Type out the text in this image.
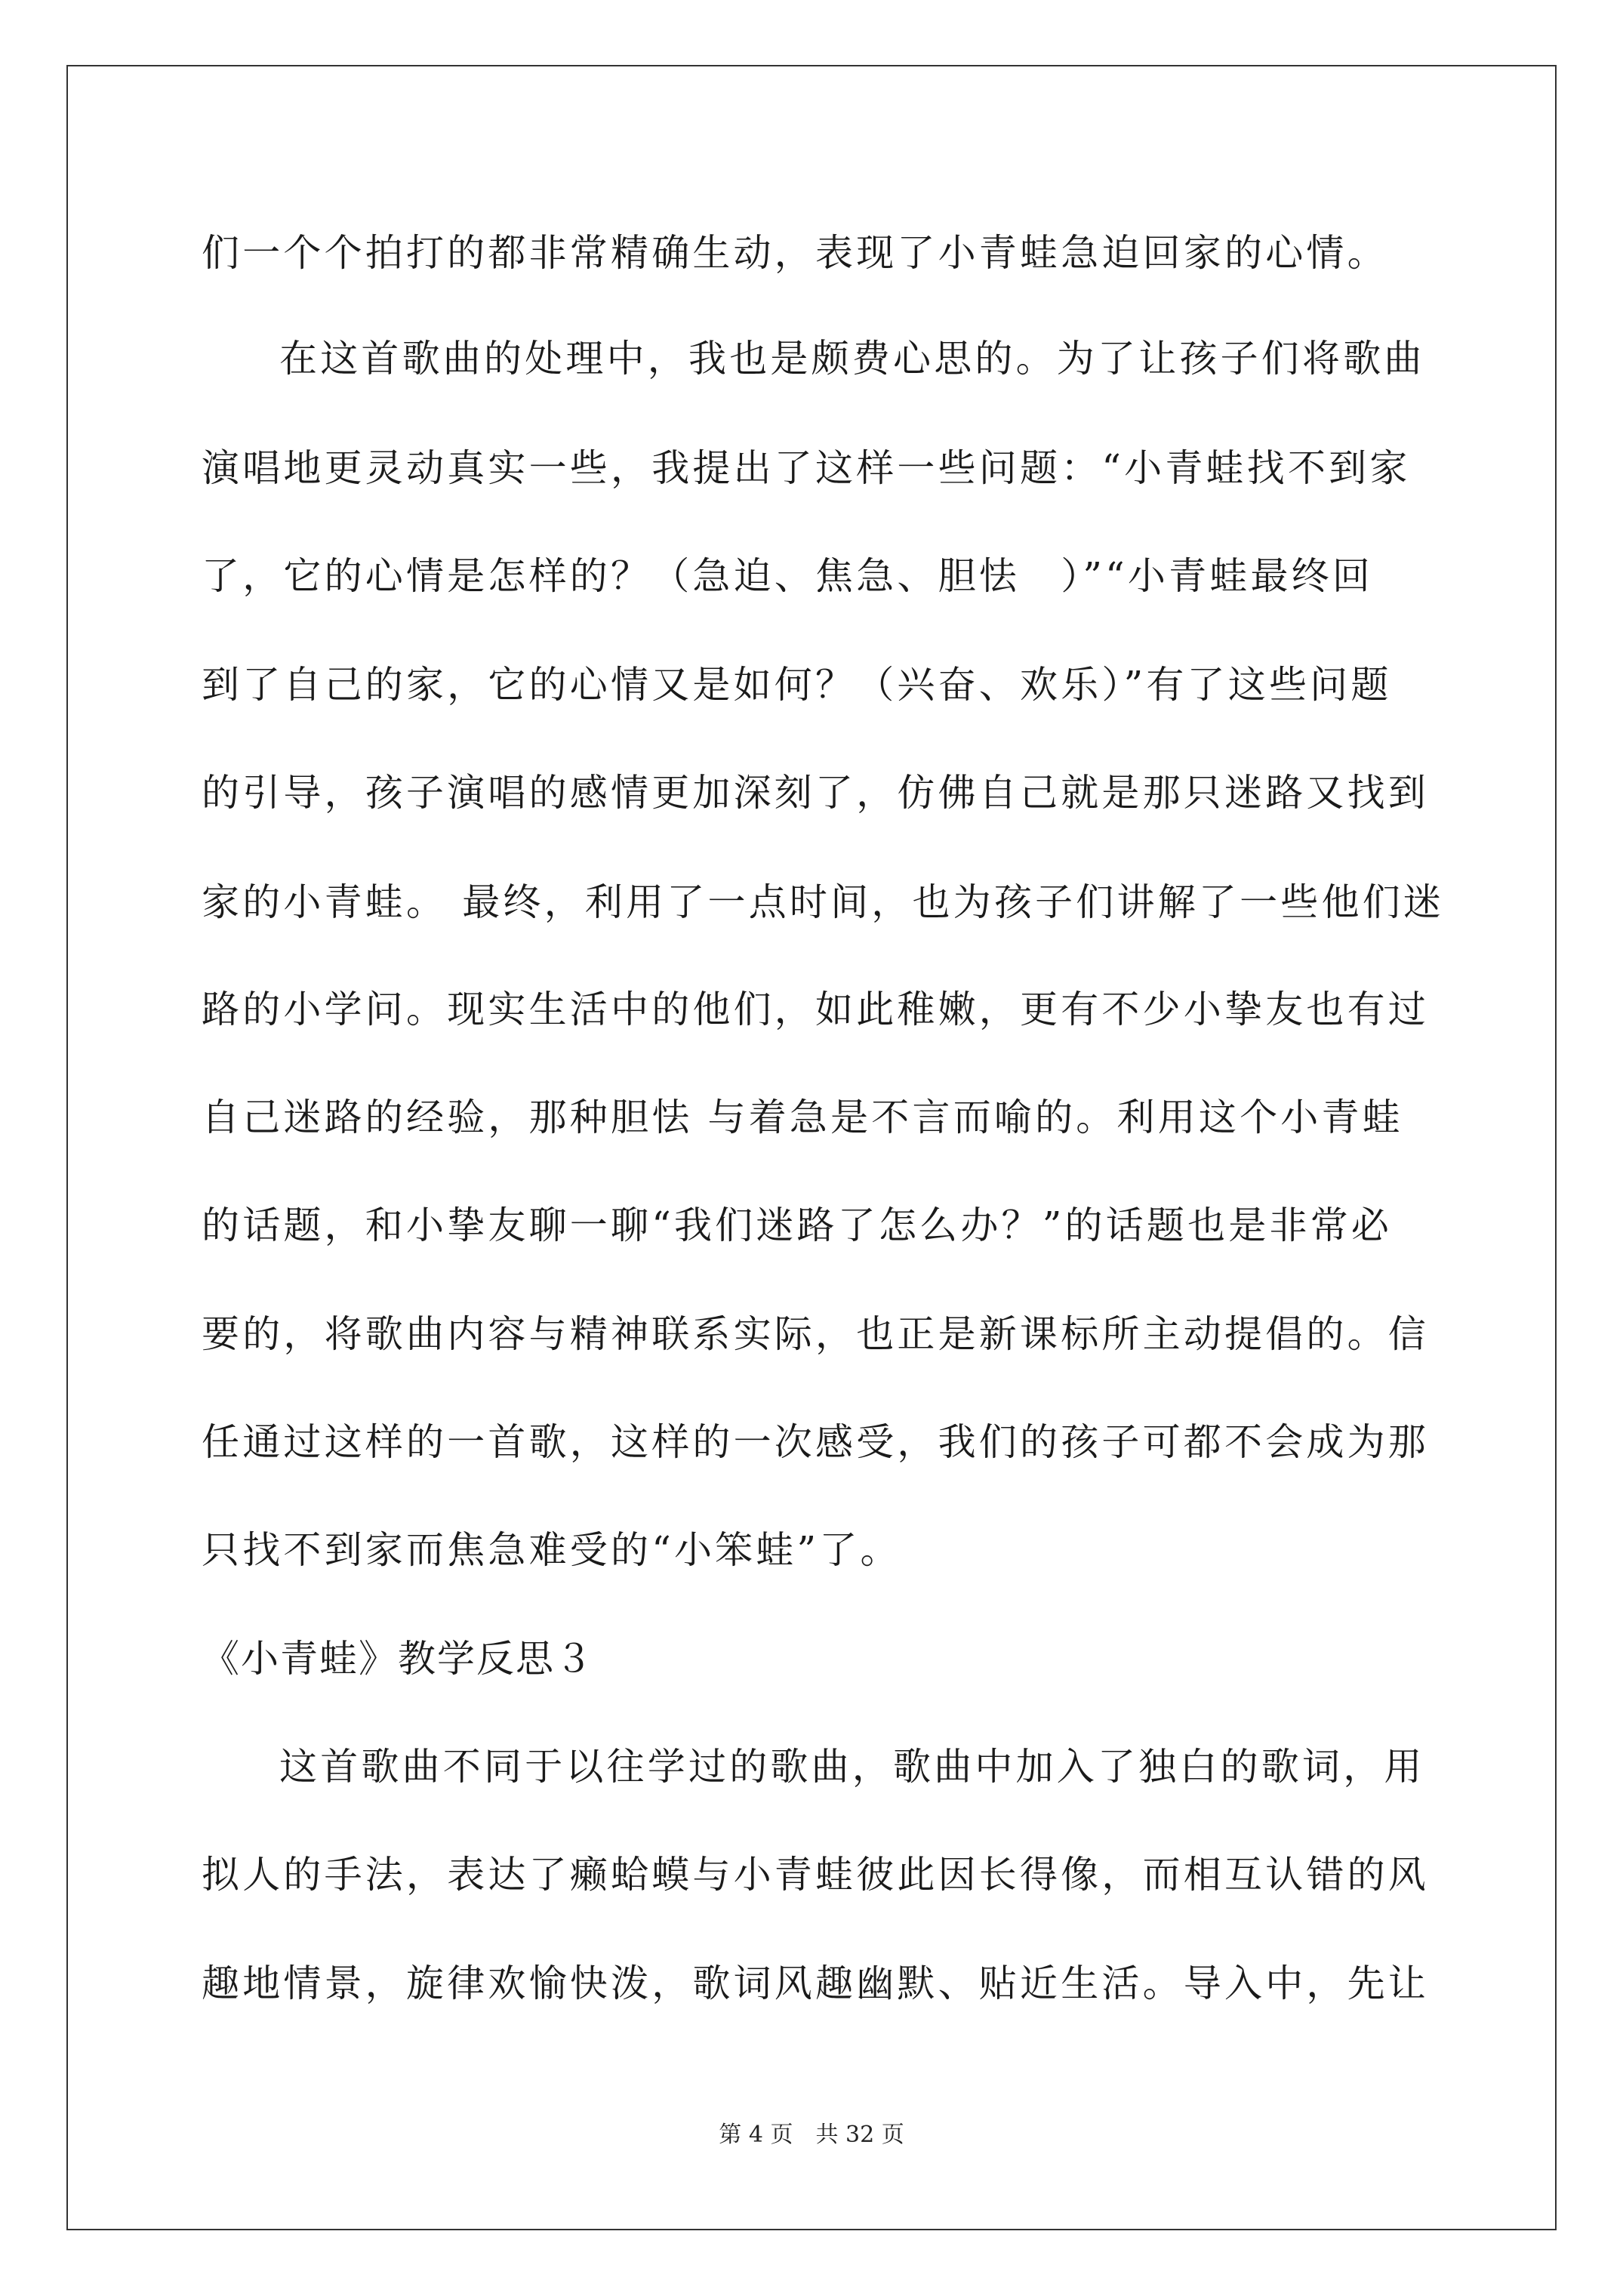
们一个个拍打的都非常精确生动，表现了小青蛙急迫回家的心情。
在这首歌曲的处理中，我也是颇费心思的。为了让孩子们将歌曲
演唱地更灵动真实一些，我提出了这样一些问题：“小青蛙找不到家
了，它的心情是怎样的？（急迫、焦急、胆怯　）”“小青蛙最终回
到了自己的家，它的心情又是如何？（兴奋、欢乐）”有了这些问题
的引导，孩子演唱的感情更加深刻了，仿佛自己就是那只迷路又找到
家的小青蛙。 最终，利用了一点时间，也为孩子们讲解了一些他们迷
路的小学问。现实生活中的他们，如此稚嫩，更有不少小挚友也有过
自己迷路的经验，那种胆怯 与着急是不言而喻的。利用这个小青蛙
的话题，和小挚友聊一聊“我们迷路了怎么办？”的话题也是非常必
要的，将歌曲内容与精神联系实际，也正是新课标所主动提倡的。信
任通过这样的一首歌，这样的一次感受，我们的孩子可都不会成为那
只找不到家而焦急难受的“小笨蛙”了。
《小青蛙》教学反思３
这首歌曲不同于以往学过的歌曲，歌曲中加入了独白的歌词，用
拟人的手法，表达了癞蛤蟆与小青蛙彼此因长得像，而相互认错的风
趣地情景，旋律欢愉快泼，歌词风趣幽默、贴近生活。导入中，先让
第 4 页　共 32 页
